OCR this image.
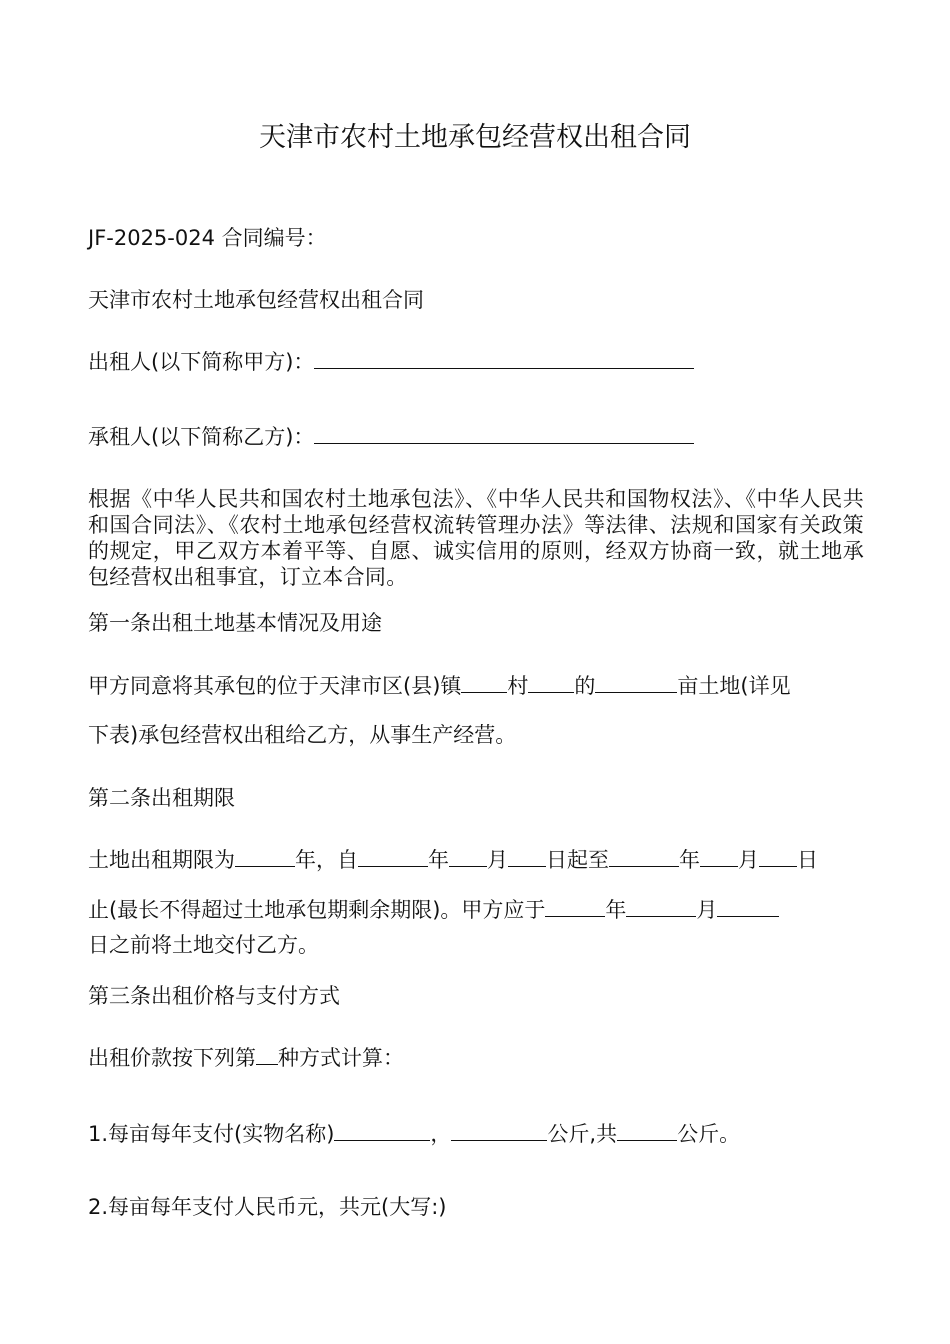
天津市农村土地承包经营权出租合同
JF-2025-024 合同编号：
天津市农村土地承包经营权出租合同
出租人(以下简称甲方)：
承租人(以下简称乙方)：
根据《中华人民共和国农村土地承包法》、《中华人民共和国物权法》、《中华人民共和国合同法》、《农村土地承包经营权流转管理办法》等法律、法规和国家有关政策的规定，甲乙双方本着平等、自愿、诚实信用的原则，经双方协商一致，就土地承包经营权出租事宜，订立本合同。
第一条出租土地基本情况及用途
甲方同意将其承包的位于天津市区(县)镇 村 的	亩土地(详见
下表)承包经营权出租给乙方，从事生产经营。
第二条出租期限
土地出租期限为	年，自	年 月 日起至	年 月 日
止(最长不得超过土地承包期剩余期限)。甲方应于	年	月
日之前将土地交付乙方。
第三条出租价格与支付方式
出租价款按下列第 种方式计算：
1.每亩每年支付(实物名称)	，	公斤,共	公斤。
2.每亩每年支付人民币元，共元(大写:)
